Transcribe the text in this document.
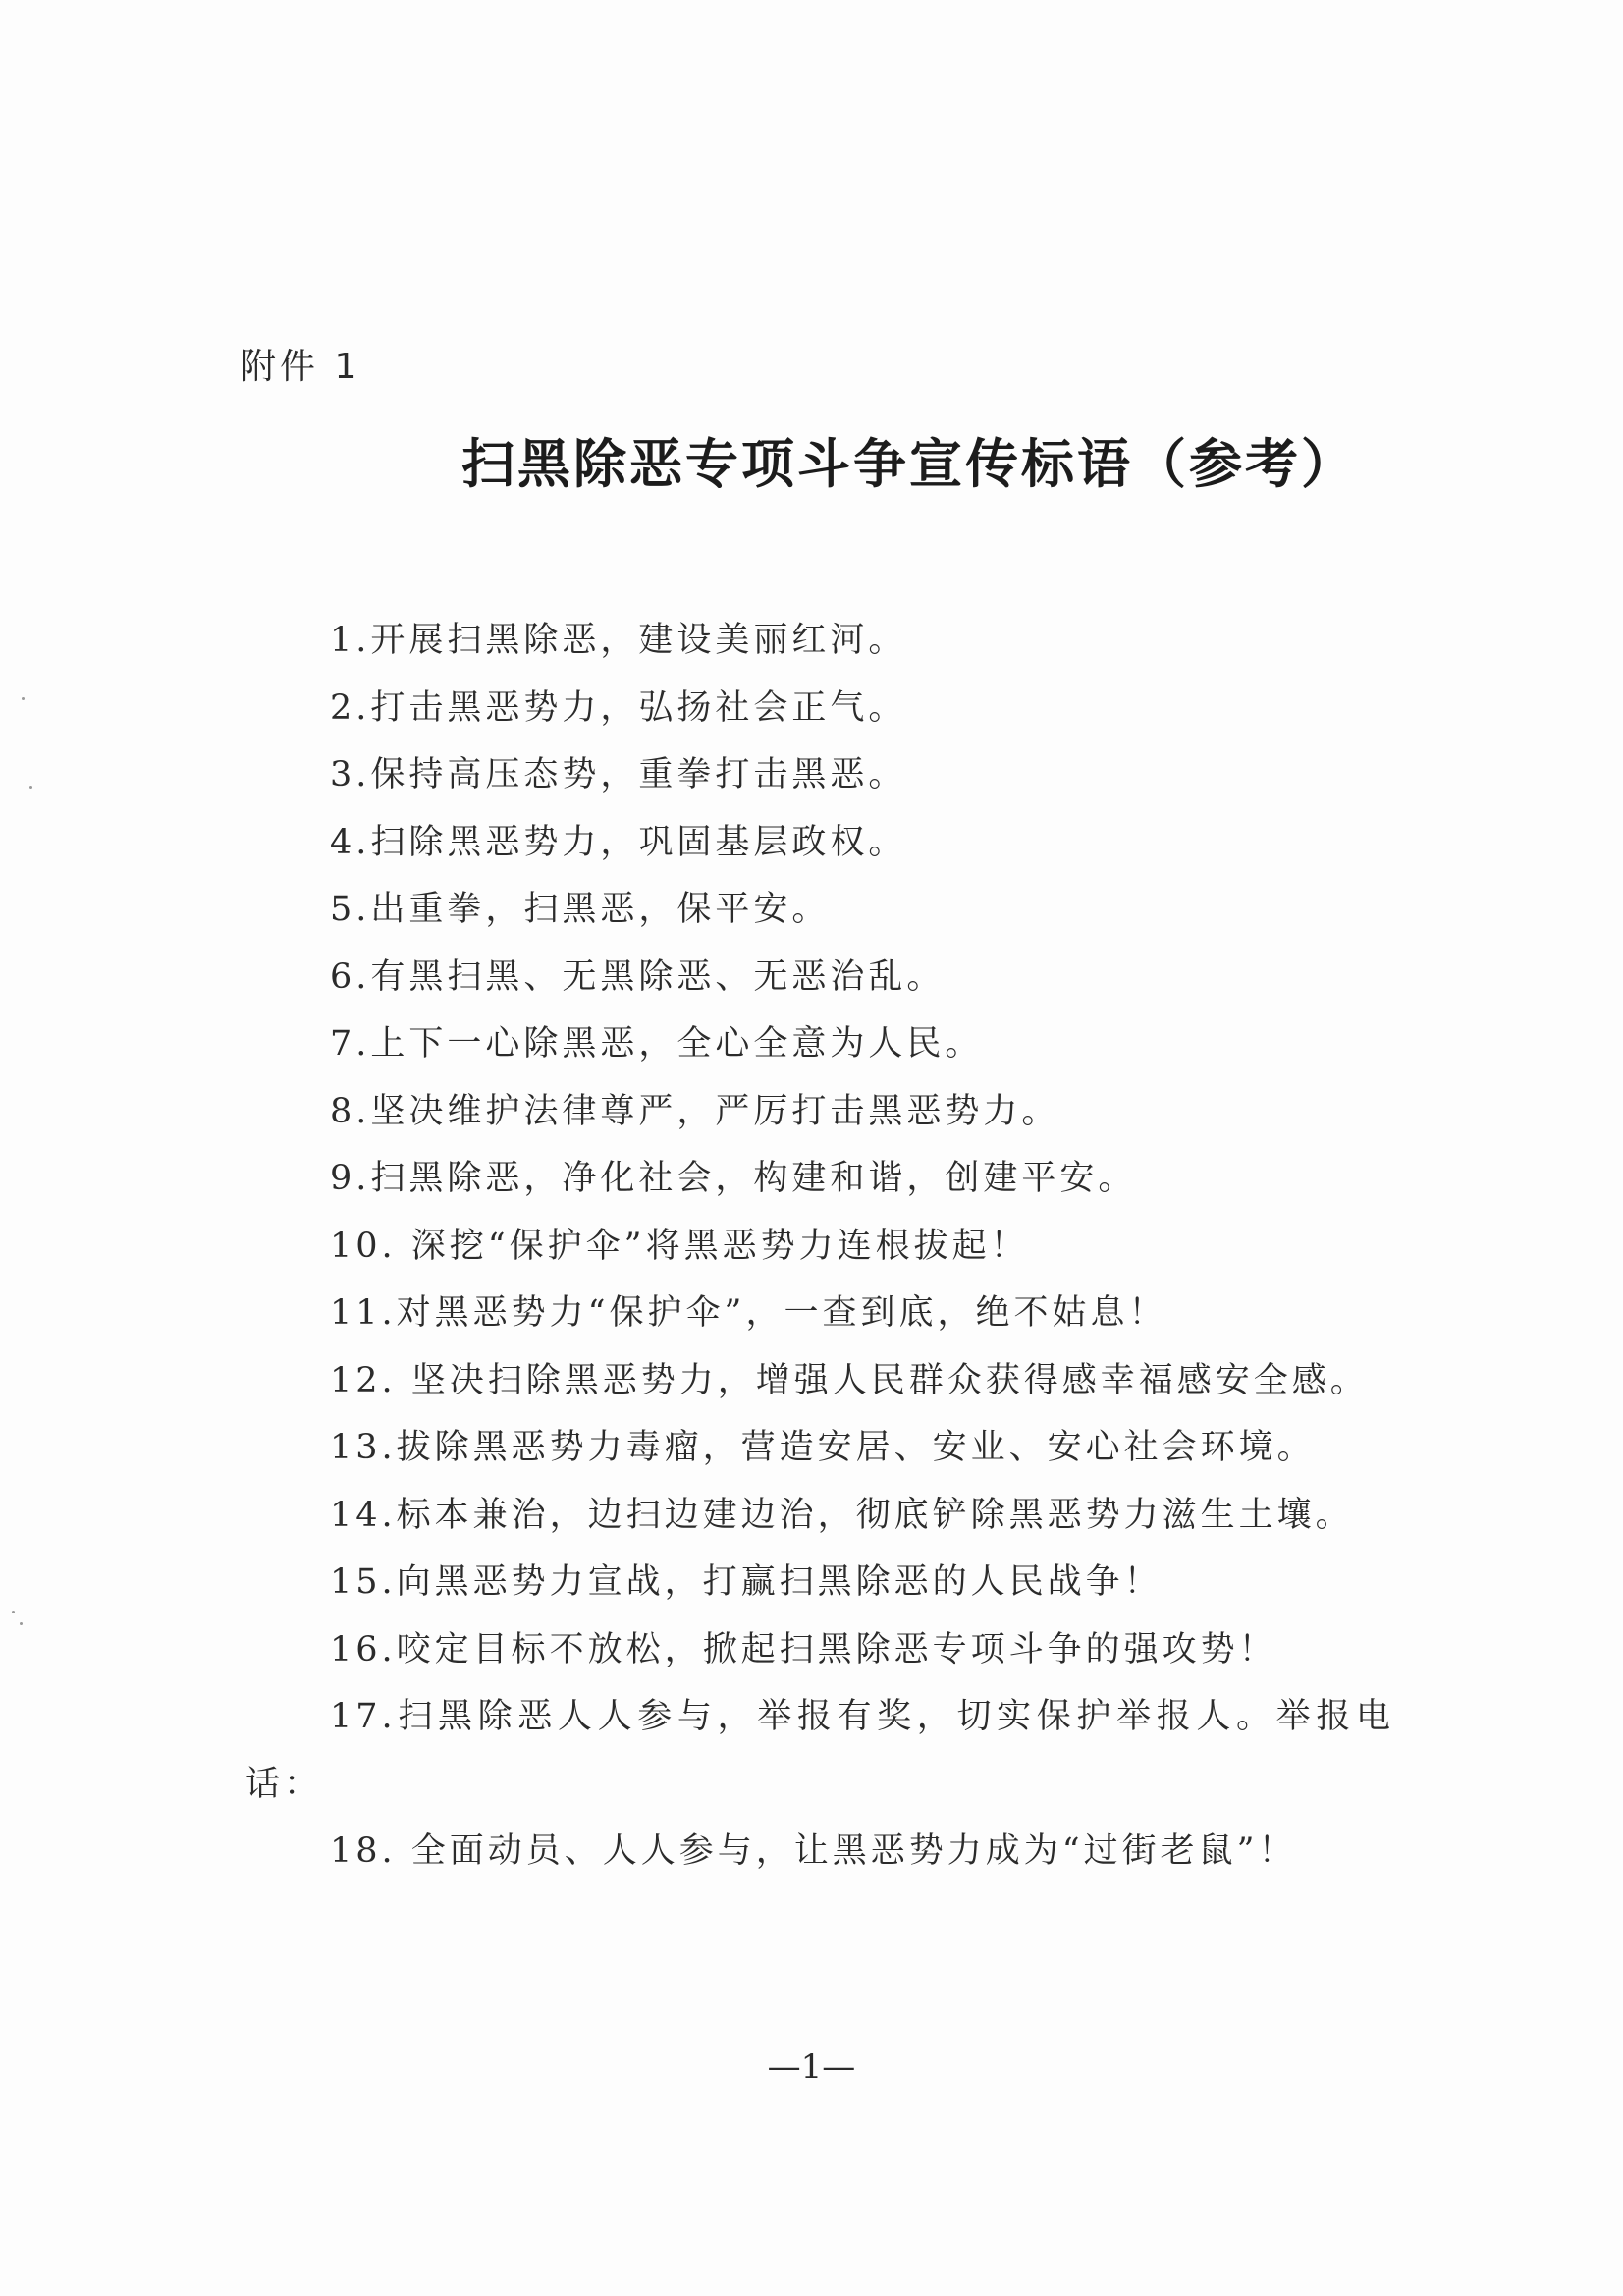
附件 1
扫黑除恶专项斗争宣传标语（参考）
1.开展扫黑除恶，建设美丽红河。
2.打击黑恶势力，弘扬社会正气。
3.保持高压态势，重拳打击黑恶。
4.扫除黑恶势力，巩固基层政权。
5.出重拳，扫黑恶，保平安。
6.有黑扫黑、无黑除恶、无恶治乱。
7.上下一心除黑恶，全心全意为人民。
8.坚决维护法律尊严，严厉打击黑恶势力。
9.扫黑除恶，净化社会，构建和谐，创建平安。
10. 深挖“保护伞”将黑恶势力连根拔起！
11.对黑恶势力“保护伞”，一查到底，绝不姑息！
12. 坚决扫除黑恶势力，增强人民群众获得感幸福感安全感。
13.拔除黑恶势力毒瘤，营造安居、安业、安心社会环境。
14.标本兼治，边扫边建边治，彻底铲除黑恶势力滋生土壤。
15.向黑恶势力宣战，打赢扫黑除恶的人民战争！
16.咬定目标不放松，掀起扫黑除恶专项斗争的强攻势！
17.扫黑除恶人人参与，举报有奖，切实保护举报人。举报电话：
18. 全面动员、人人参与，让黑恶势力成为“过街老鼠”！
—1—
